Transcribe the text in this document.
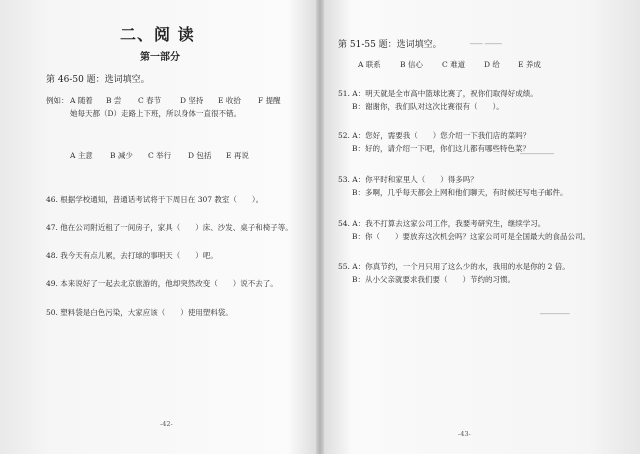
二、阅 读
第一部分
第 46-50 题：选词填空。
例如： A 随着 B 尝 C 春节	D 坚持 E 收拾 F 提醒
她每天都（D）走路上下班，所以身体一直很不错。
A 主意 B 减少 C 举行 D 包括 E 再说
46. 根据学校通知，普通话考试将于下周日在 307 教室（　　）。
47. 他在公司附近租了一间房子，家具（　　）床、沙发、桌子和椅子等。
48. 我今天有点儿累，去打球的事明天（　　）吧。
49. 本来说好了一起去北京旅游的，他却突然改变（　　）说不去了。
50. 塑料袋是白色污染，大家应该（　　）使用塑料袋。
-42-
━━━ ━━━━
━━━━━━━━
━━━━━━━
第 51-55 题：选词填空。
A 联系	B 信心	C 难道	D 给 E 养成
51. A：明天就是全市高中篮球比赛了，祝你们取得好成绩。
B：谢谢你，我们队对这次比赛很有（　　）。
52. A：您好，需要我（　　）您介绍一下我们店的菜吗？
B：好的，请介绍一下吧，你们这儿都有哪些特色菜？
53. A：你平时和家里人（　　）得多吗？
B：多啊，几乎每天都会上网和他们聊天，有时候还写电子邮件。
54. A：我不打算去这家公司工作，我要考研究生，继续学习。
B：你（　　）要放弃这次机会吗？这家公司可是全国最大的食品公司。
55. A：你真节约，一个月只用了这么少的水，我用的水是你的 2 倍。
B：从小父亲就要求我们要（　　）节约的习惯。
-43-
